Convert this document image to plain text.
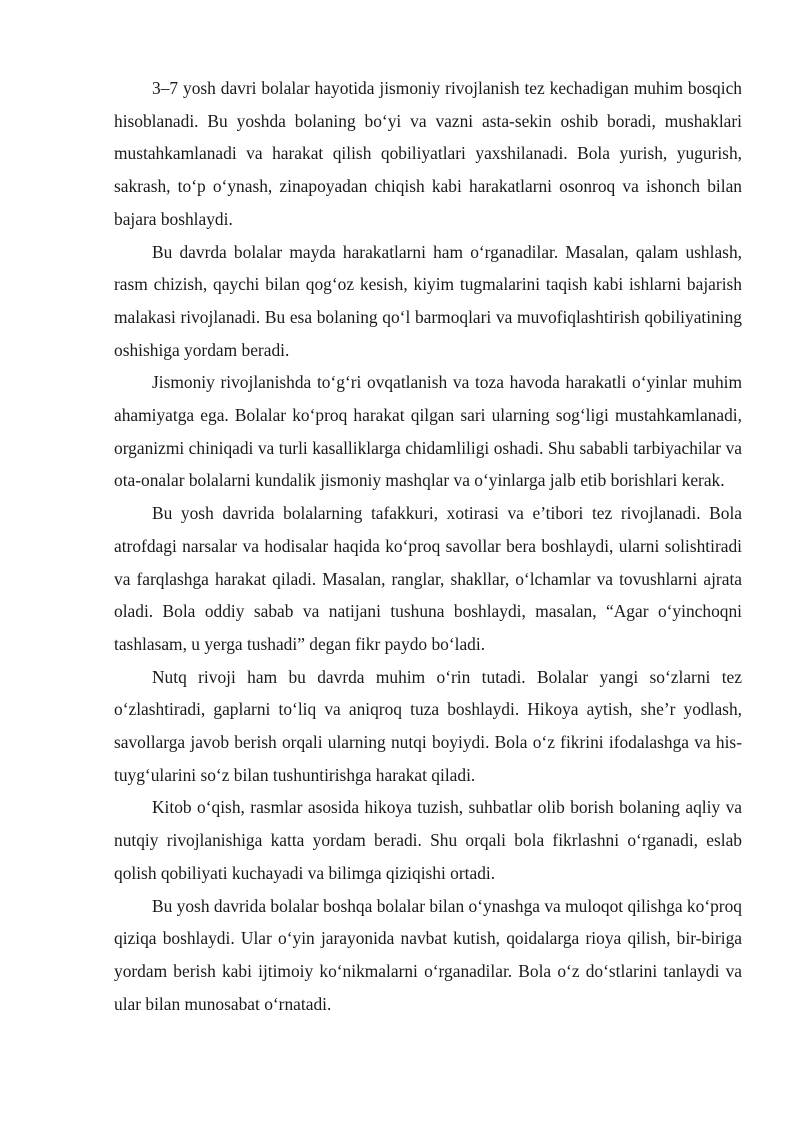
3–7 yosh davri bolalar hayotida jismoniy rivojlanish tez kechadigan muhim bosqich hisoblanadi. Bu yoshda bolaning bo‘yi va vazni asta-sekin oshib boradi, mushaklari mustahkamlanadi va harakat qilish qobiliyatlari yaxshilanadi. Bola yurish, yugurish, sakrash, to‘p o‘ynash, zinapoyadan chiqish kabi harakatlarni osonroq va ishonch bilan bajara boshlaydi.

Bu davrda bolalar mayda harakatlarni ham o‘rganadilar. Masalan, qalam ushlash, rasm chizish, qaychi bilan qog‘oz kesish, kiyim tugmalarini taqish kabi ishlarni bajarish malakasi rivojlanadi. Bu esa bolaning qo‘l barmoqlari va muvofiqlashtirish qobiliyatining oshishiga yordam beradi.

Jismoniy rivojlanishda to‘g‘ri ovqatlanish va toza havoda harakatli o‘yinlar muhim ahamiyatga ega. Bolalar ko‘proq harakat qilgan sari ularning sog‘ligi mustahkamlanadi, organizmi chiniqadi va turli kasalliklarga chidamliligi oshadi. Shu sababli tarbiyachilar va ota-onalar bolalarni kundalik jismoniy mashqlar va o‘yinlarga jalb etib borishlari kerak.

Bu yosh davrida bolalarning tafakkuri, xotirasi va e’tibori tez rivojlanadi. Bola atrofdagi narsalar va hodisalar haqida ko‘proq savollar bera boshlaydi, ularni solishtiradi va farqlashga harakat qiladi. Masalan, ranglar, shakllar, o‘lchamlar va tovushlarni ajrata oladi. Bola oddiy sabab va natijani tushuna boshlaydi, masalan, “Agar o‘yinchoqni tashlasam, u yerga tushadi” degan fikr paydo bo‘ladi.

Nutq rivoji ham bu davrda muhim o‘rin tutadi. Bolalar yangi so‘zlarni tez o‘zlashtiradi, gaplarni to‘liq va aniqroq tuza boshlaydi. Hikoya aytish, she’r yodlash, savollarga javob berish orqali ularning nutqi boyiydi. Bola o‘z fikrini ifodalashga va his-tuyg‘ularini so‘z bilan tushuntirishga harakat qiladi.

Kitob o‘qish, rasmlar asosida hikoya tuzish, suhbatlar olib borish bolaning aqliy va nutqiy rivojlanishiga katta yordam beradi. Shu orqali bola fikrlashni o‘rganadi, eslab qolish qobiliyati kuchayadi va bilimga qiziqishi ortadi.

Bu yosh davrida bolalar boshqa bolalar bilan o‘ynashga va muloqot qilishga ko‘proq qiziqa boshlaydi. Ular o‘yin jarayonida navbat kutish, qoidalarga rioya qilish, bir-biriga yordam berish kabi ijtimoiy ko‘nikmalarni o‘rganadilar. Bola o‘z do‘stlarini tanlaydi va ular bilan munosabat o‘rnatadi.
